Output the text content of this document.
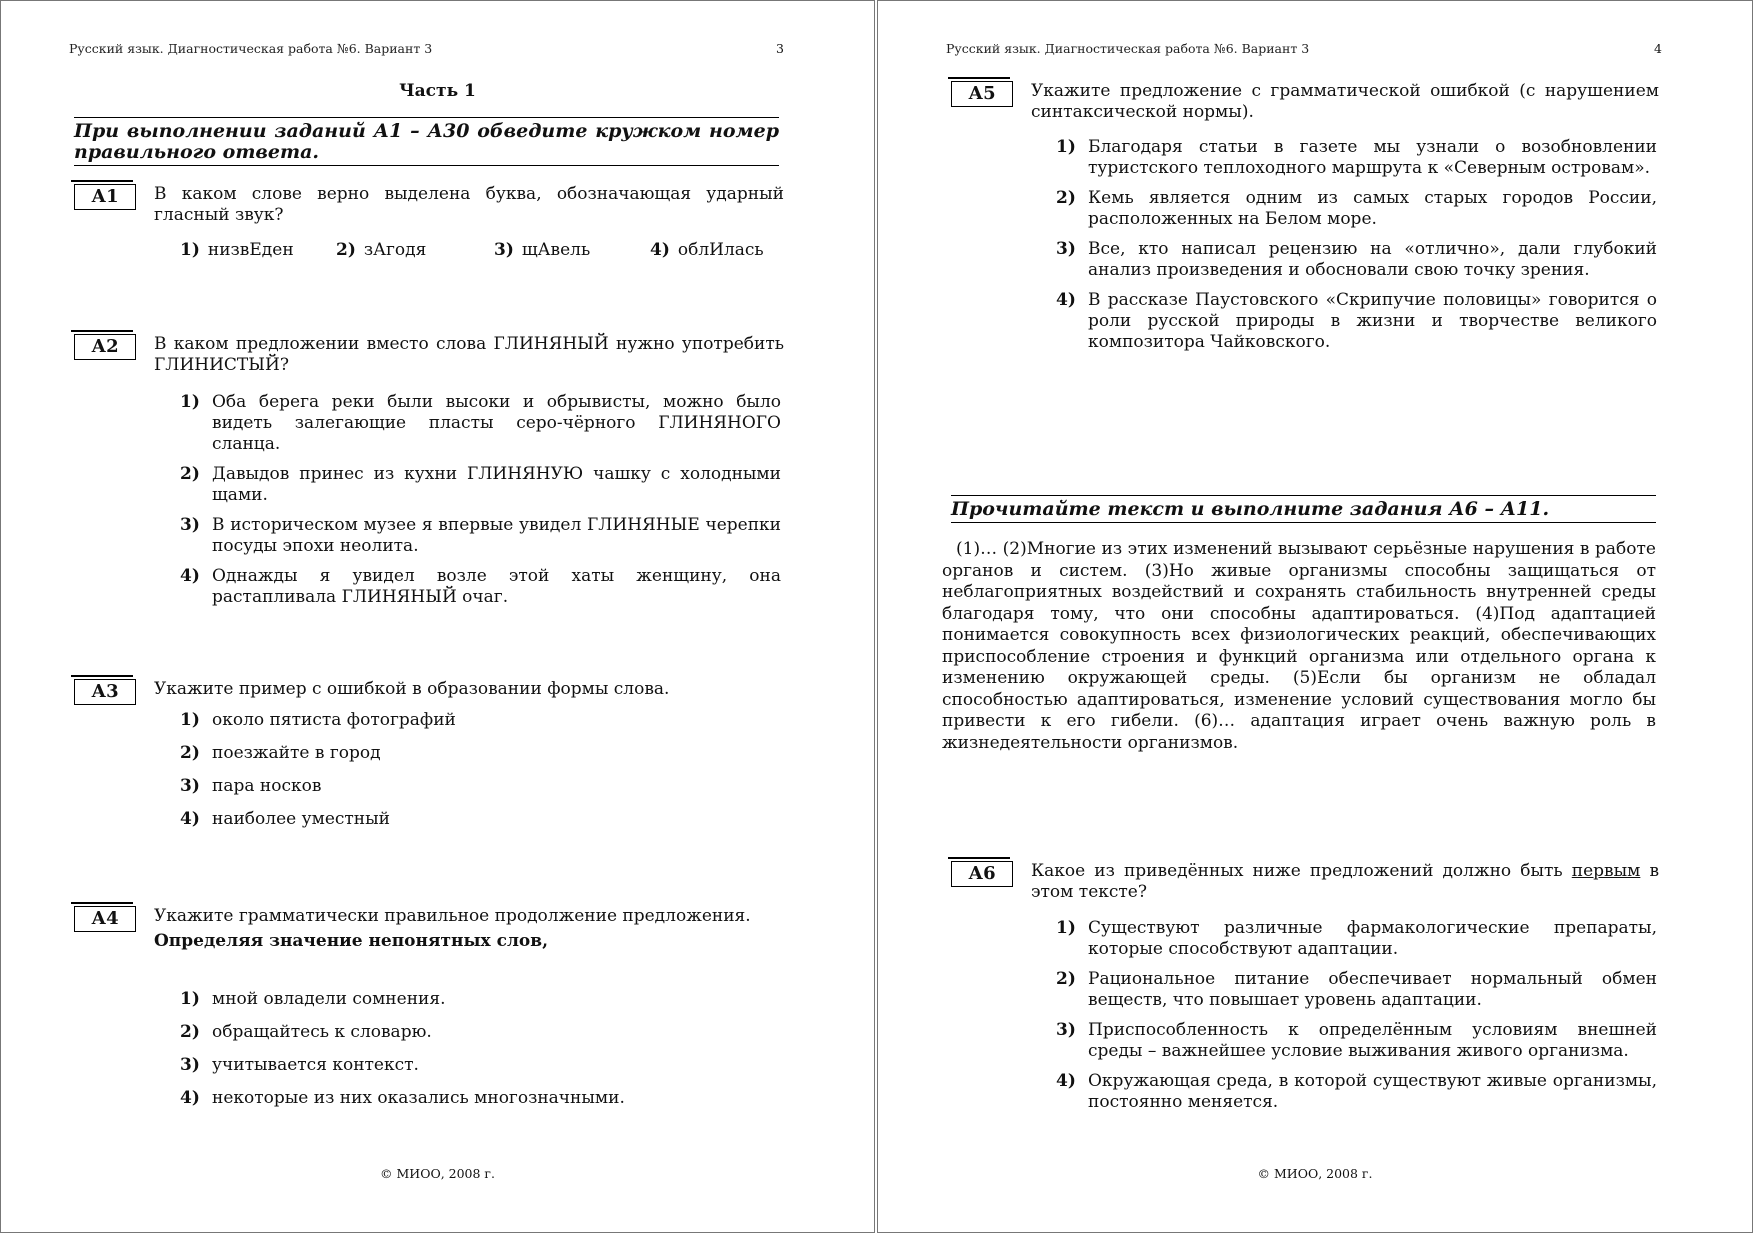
Русский язык. Диагностическая работа №6. Вариант 3	3
Часть 1
При выполнении заданий А1 – А30 обведите кружком номер правильного ответа.
А1	В каком слове верно выделена буква, обозначающая ударный гласный звук?
1) низвЕден 2) зАгодя	3) щАвель	4) облИлась
А2	В каком предложении вместо слова ГЛИНЯНЫЙ нужно употребить ГЛИНИСТЫЙ?
1) Оба берега реки были высоки и обрывисты, можно было видеть залегающие пласты серо-чёрного ГЛИНЯНОГО сланца.
2) Давыдов принес из кухни ГЛИНЯНУЮ чашку с холодными щами.
3) В историческом музее я впервые увидел ГЛИНЯНЫЕ черепки посуды эпохи неолита.
4) Однажды я увидел возле этой хаты женщину, она растапливала ГЛИНЯНЫЙ очаг.
А3	Укажите пример с ошибкой в образовании формы слова.
1) около пятиста фотографий
2) поезжайте в город
3) пара носков
4) наиболее уместный
А4	Укажите грамматически правильное продолжение предложения.
Определяя значение непонятных слов,
1) мной овладели сомнения.
2) обращайтесь к словарю.
3) учитывается контекст.
4) некоторые из них оказались многозначными.
© МИОО, 2008 г.
Русский язык. Диагностическая работа №6. Вариант 3	4
А5	Укажите предложение с грамматической ошибкой (с нарушением синтаксической нормы).
1) Благодаря статьи в газете мы узнали о возобновлении туристского теплоходного маршрута к «Северным островам».
2) Кемь является одним из самых старых городов России, расположенных на Белом море.
3) Все, кто написал рецензию на «отлично», дали глубокий анализ произведения и обосновали свою точку зрения.
4) В рассказе Паустовского «Скрипучие половицы» говорится о роли русской природы в жизни и творчестве великого композитора Чайковского.
Прочитайте текст и выполните задания А6 – А11.
(1)… (2)Многие из этих изменений вызывают серьёзные нарушения в работе органов и систем. (3)Но живые организмы способны защищаться от неблагоприятных воздействий и сохранять стабильность внутренней среды благодаря тому, что они способны адаптироваться. (4)Под адаптацией понимается совокупность всех физиологических реакций, обеспечивающих приспособление строения и функций организма или отдельного органа к изменению окружающей среды. (5)Если бы организм не обладал способностью адаптироваться, изменение условий существования могло бы привести к его гибели. (6)… адаптация играет очень важную роль в жизнедеятельности организмов.
А6	Какое из приведённых ниже предложений должно быть первым в этом тексте?
1) Существуют различные фармакологические препараты, которые способствуют адаптации.
2) Рациональное питание обеспечивает нормальный обмен веществ, что повышает уровень адаптации.
3) Приспособленность к определённым условиям внешней среды – важнейшее условие выживания живого организма.
4) Окружающая среда, в которой существуют живые организмы, постоянно меняется.
© МИОО, 2008 г.
